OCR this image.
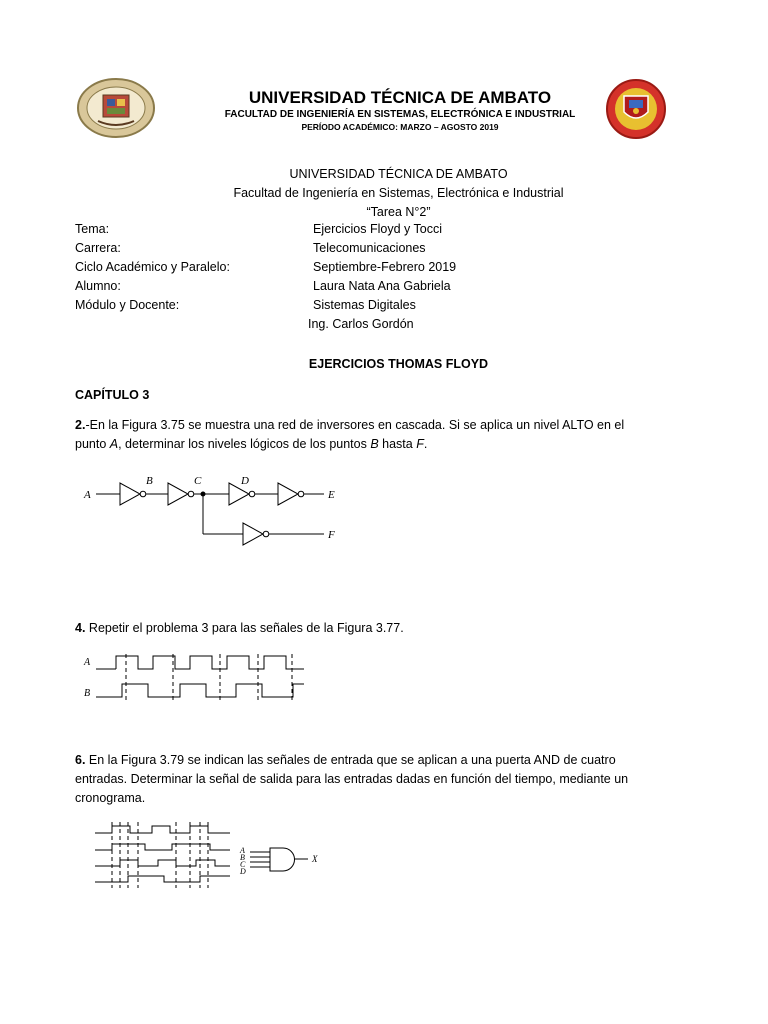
UNIVERSIDAD TÉCNICA DE AMBATO
FACULTAD DE INGENIERÍA EN SISTEMAS, ELECTRÓNICA E INDUSTRIAL
PERÍODO ACADÉMICO: MARZO – AGOSTO 2019
UNIVERSIDAD TÉCNICA DE AMBATO
Facultad de Ingeniería en Sistemas, Electrónica e Industrial
“Tarea N°2”
Tema:	Ejercicios Floyd y Tocci
Carrera:	Telecomunicaciones
Ciclo Académico y Paralelo:	Septiembre-Febrero 2019
Alumno:	Laura Nata Ana Gabriela
Módulo y Docente:	Sistemas Digitales
Ing. Carlos Gordón
EJERCICIOS THOMAS FLOYD
CAPÍTULO 3
2.-En la Figura 3.75 se muestra una red de inversores en cascada. Si se aplica un nivel ALTO en el punto A, determinar los niveles lógicos de los puntos B hasta F.
A
B	C	D
E
F
4. Repetir el problema 3 para las señales de la Figura 3.77.
A
B
6. En la Figura 3.79 se indican las señales de entrada que se aplican a una puerta AND de cuatro entradas. Determinar la señal de salida para las entradas dadas en función del tiempo, mediante un cronograma.
A
B
C
D
X
